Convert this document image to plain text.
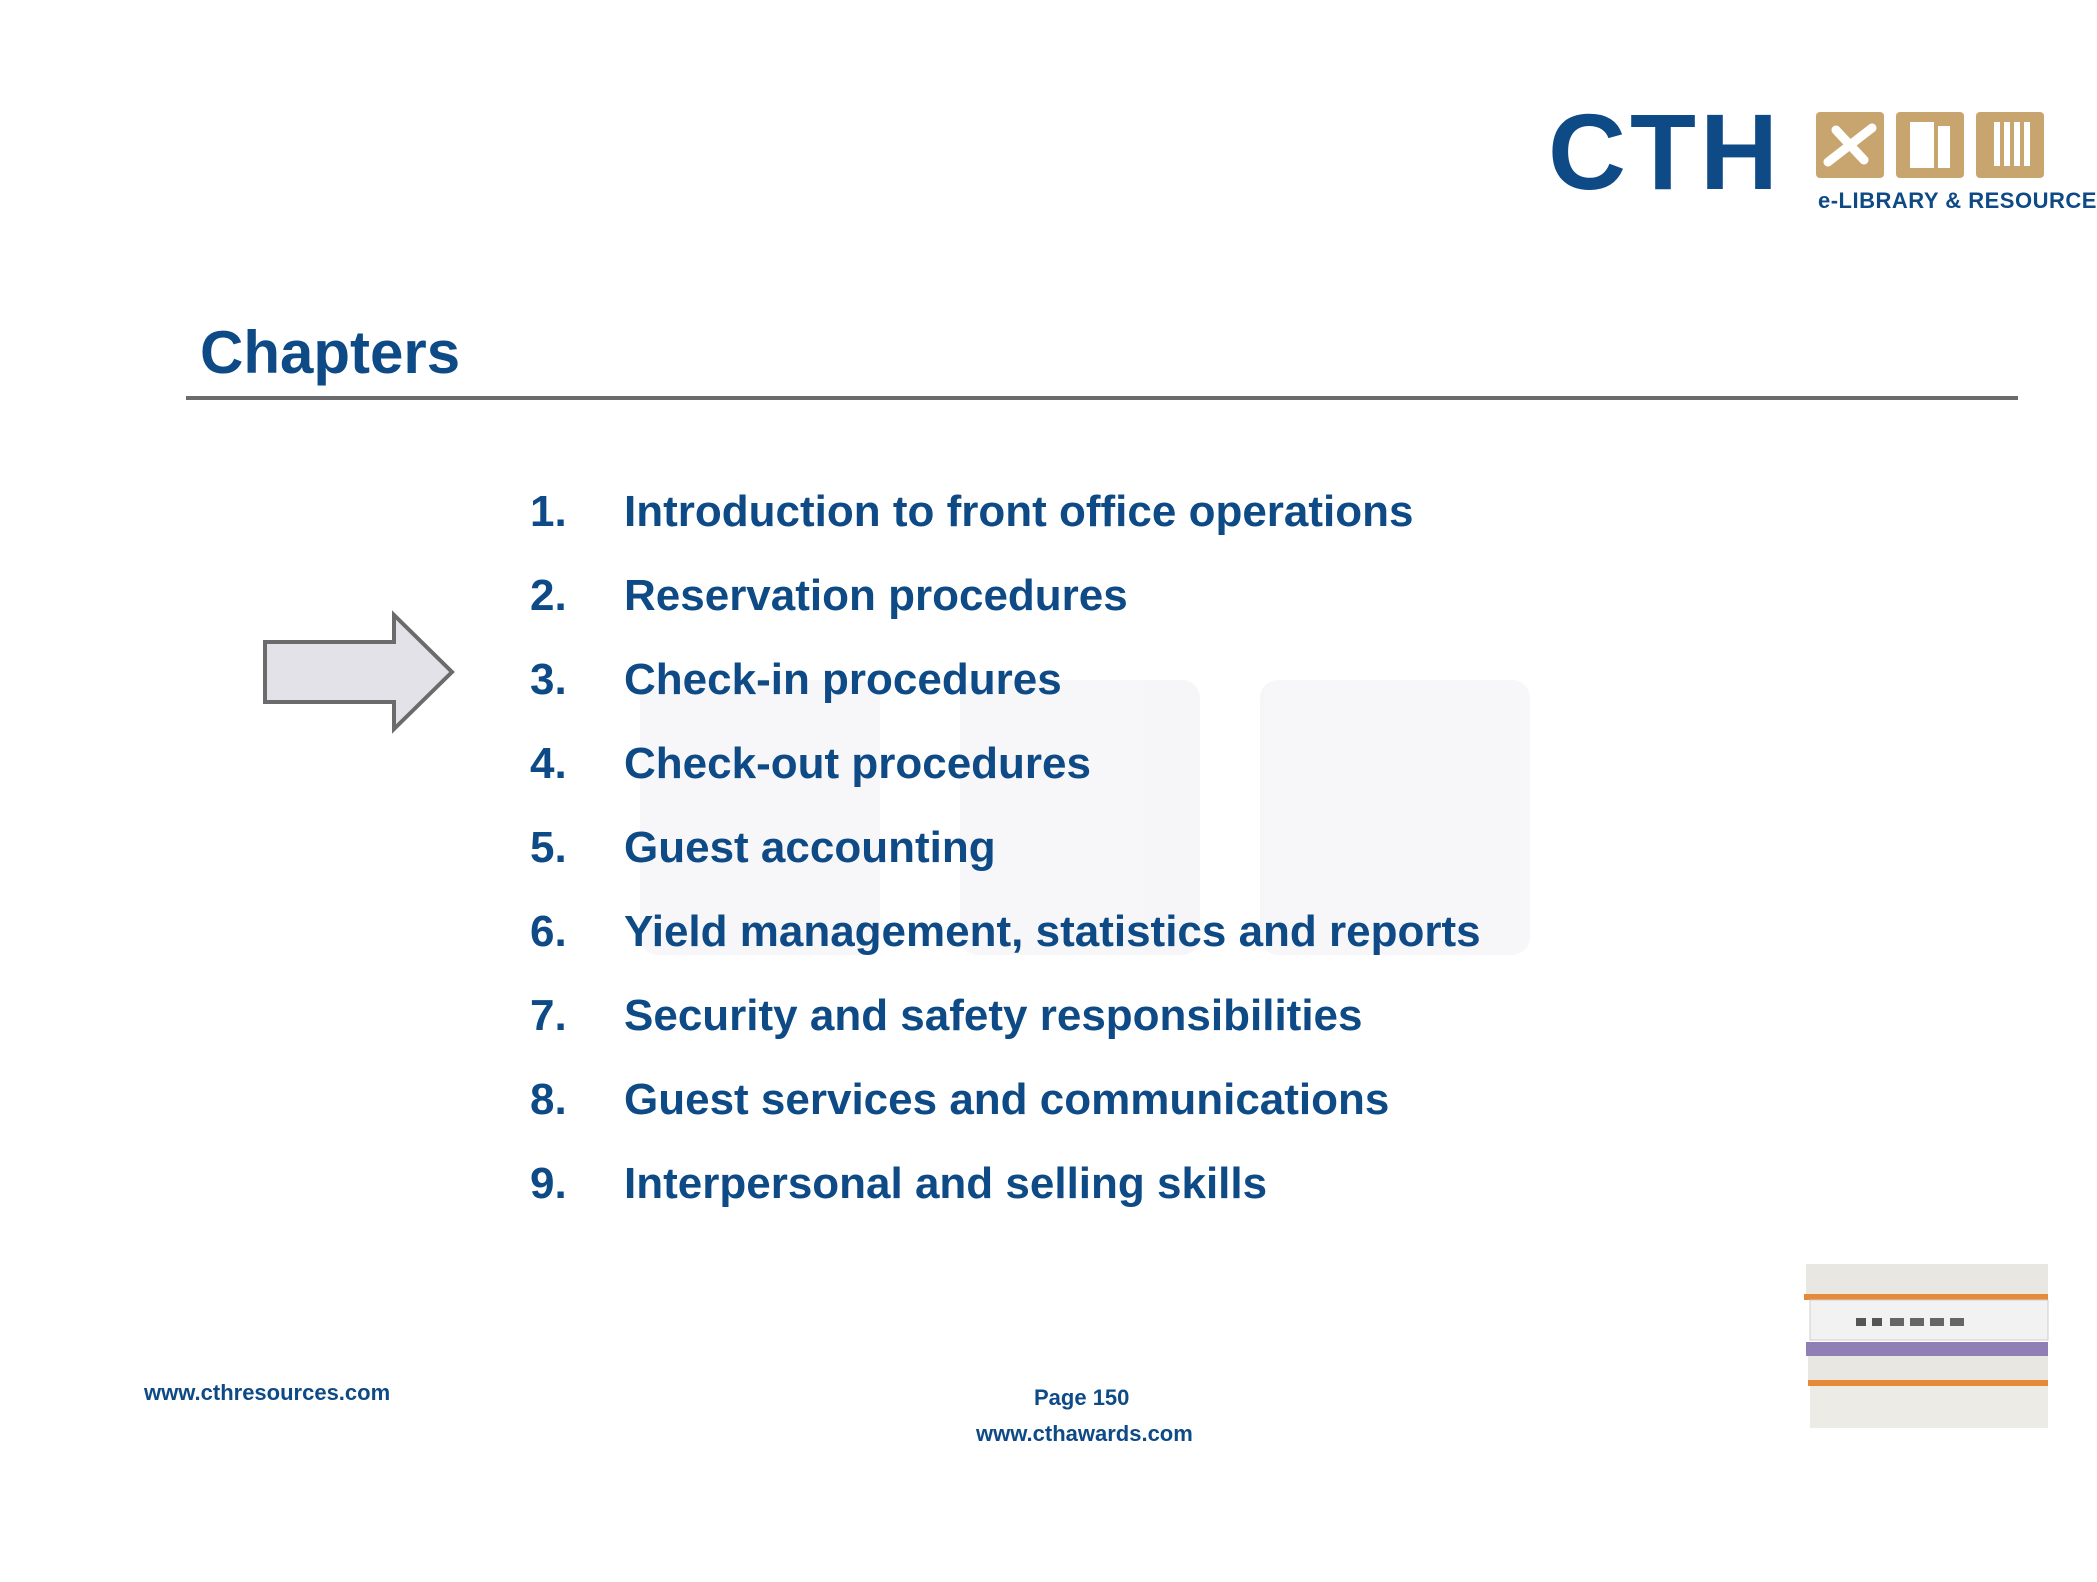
CTH e-LIBRARY & RESOURCE
Chapters
1.	Introduction to front office operations
2.	Reservation procedures
3.	Check-in procedures
4.	Check-out procedures
5.	Guest accounting
6.	Yield management, statistics and reports
7.	Security and safety responsibilities
8.	Guest services and communications
9.	Interpersonal and selling skills
www.cthresources.com	Page 150
www.cthawards.com
